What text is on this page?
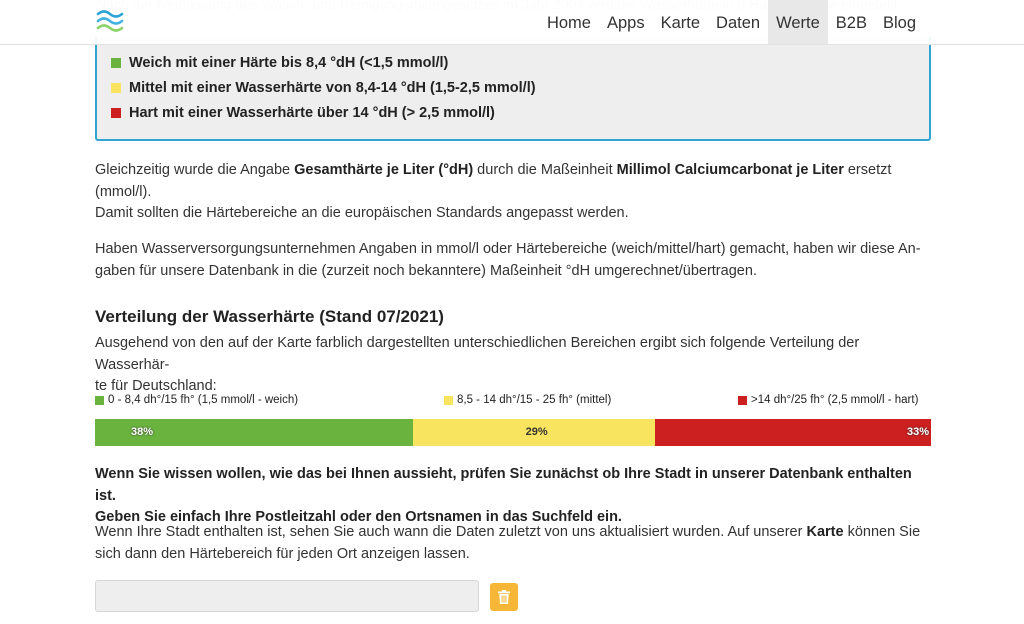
Home Apps Karte Daten Werte B2B Blog
Weich mit einer Härte bis 8,4 °dH (<1,5 mmol/l)
Mittel mit einer Wasserhärte von 8,4-14 °dH (1,5-2,5 mmol/l)
Hart mit einer Wasserhärte über 14 °dH (> 2,5 mmol/l)
Gleichzeitig wurde die Angabe Gesamthärte je Liter (°dH) durch die Maßeinheit Millimol Calciumcarbonat je Liter ersetzt (mmol/l).
Damit sollten die Härtebereiche an die europäischen Standards angepasst werden.
Haben Wasserversorgungsunternehmen Angaben in mmol/l oder Härtebereiche (weich/mittel/hart) gemacht, haben wir diese An-
gaben für unsere Datenbank in die (zurzeit noch bekanntere) Maßeinheit °dH umgerechnet/übertragen.
Verteilung der Wasserhärte (Stand 07/2021)
Ausgehend von den auf der Karte farblich dargestellten unterschiedlichen Bereichen ergibt sich folgende Verteilung der Wasserhär-
te für Deutschland:
0 - 8,4 dh°/15 fh° (1,5 mmol/l - weich)	8,5 - 14 dh°/15 - 25 fh° (mittel)	>14 dh°/25 fh° (2,5 mmol/l - hart)
38%	29%	33%
Wenn Sie wissen wollen, wie das bei Ihnen aussieht, prüfen Sie zunächst ob Ihre Stadt in unserer Datenbank enthalten ist.
Geben Sie einfach Ihre Postleitzahl oder den Ortsnamen in das Suchfeld ein.
Wenn Ihre Stadt enthalten ist, sehen Sie auch wann die Daten zuletzt von uns aktualisiert wurden. Auf unserer Karte können Sie
sich dann den Härtebereich für jeden Ort anzeigen lassen.
